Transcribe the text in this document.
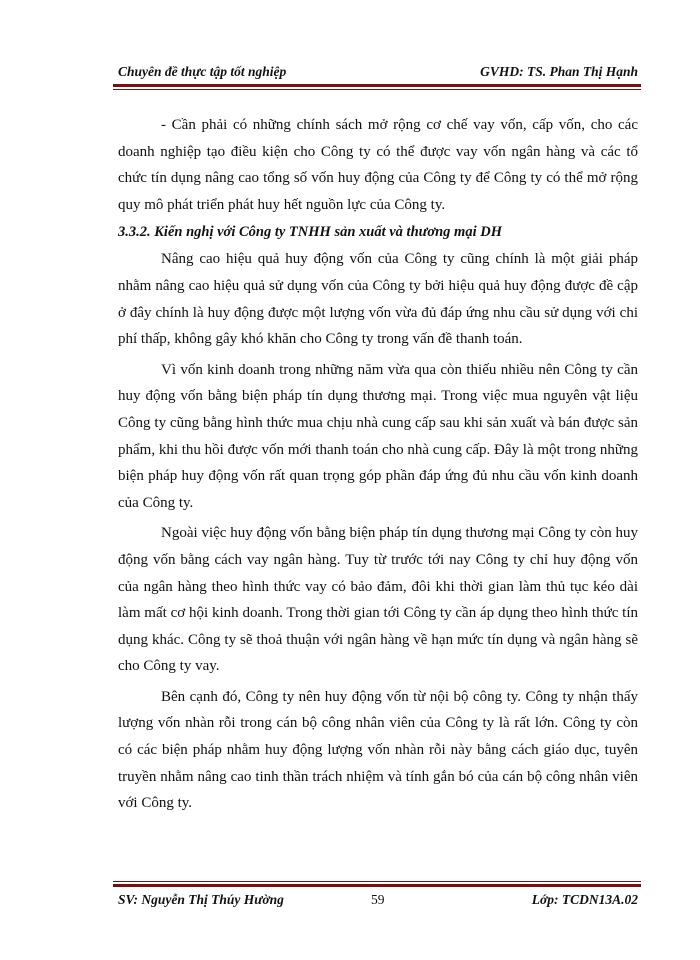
Chuyên đề thực tập tốt nghiệp	GVHD: TS. Phan Thị Hạnh

- Cần phải có những chính sách mở rộng cơ chế vay vốn, cấp vốn, cho các doanh nghiệp tạo điều kiện cho Công ty có thể được vay vốn ngân hàng và các tổ chức tín dụng nâng cao tổng số vốn huy động của Công ty để Công ty có thể mở rộng quy mô phát triển phát huy hết nguồn lực của Công ty.

3.3.2. Kiến nghị với Công ty TNHH sản xuất và thương mại DH

Nâng cao hiệu quả huy động vốn của Công ty cũng chính là một giải pháp nhằm nâng cao hiệu quả sử dụng vốn của Công ty bởi hiệu quả huy động được đề cập ở đây chính là huy động được một lượng vốn vừa đủ đáp ứng nhu cầu sử dụng với chi phí thấp, không gây khó khăn cho Công ty trong vấn đề thanh toán.

Vì vốn kinh doanh trong những năm vừa qua còn thiếu nhiều nên Công ty cần huy động vốn bằng biện pháp tín dụng thương mại. Trong việc mua nguyên vật liệu Công ty cũng bằng hình thức mua chịu nhà cung cấp sau khi sản xuất và bán được sản phẩm, khi thu hồi được vốn mới thanh toán cho nhà cung cấp. Đây là một trong những biện pháp huy động vốn rất quan trọng góp phần đáp ứng đủ nhu cầu vốn kinh doanh của Công ty.

Ngoài việc huy động vốn bằng biện pháp tín dụng thương mại Công ty còn huy động vốn bằng cách vay ngân hàng. Tuy từ trước tới nay Công ty chỉ huy động vốn của ngân hàng theo hình thức vay có bảo đảm, đôi khi thời gian làm thủ tục kéo dài làm mất cơ hội kinh doanh. Trong thời gian tới Công ty cần áp dụng theo hình thức tín dụng khác. Công ty sẽ thoả thuận với ngân hàng về hạn mức tín dụng và ngân hàng sẽ cho Công ty vay.

Bên cạnh đó, Công ty nên huy động vốn từ nội bộ công ty. Công ty nhận thấy lượng vốn nhàn rỗi trong cán bộ công nhân viên của Công ty là rất lớn. Công ty còn có các biện pháp nhằm huy động lượng vốn nhàn rỗi này bằng cách giáo dục, tuyên truyền nhằm nâng cao tinh thần trách nhiệm và tính gắn bó của cán bộ công nhân viên với Công ty.

SV: Nguyễn Thị Thúy Hường	59	Lớp: TCDN13A.02
